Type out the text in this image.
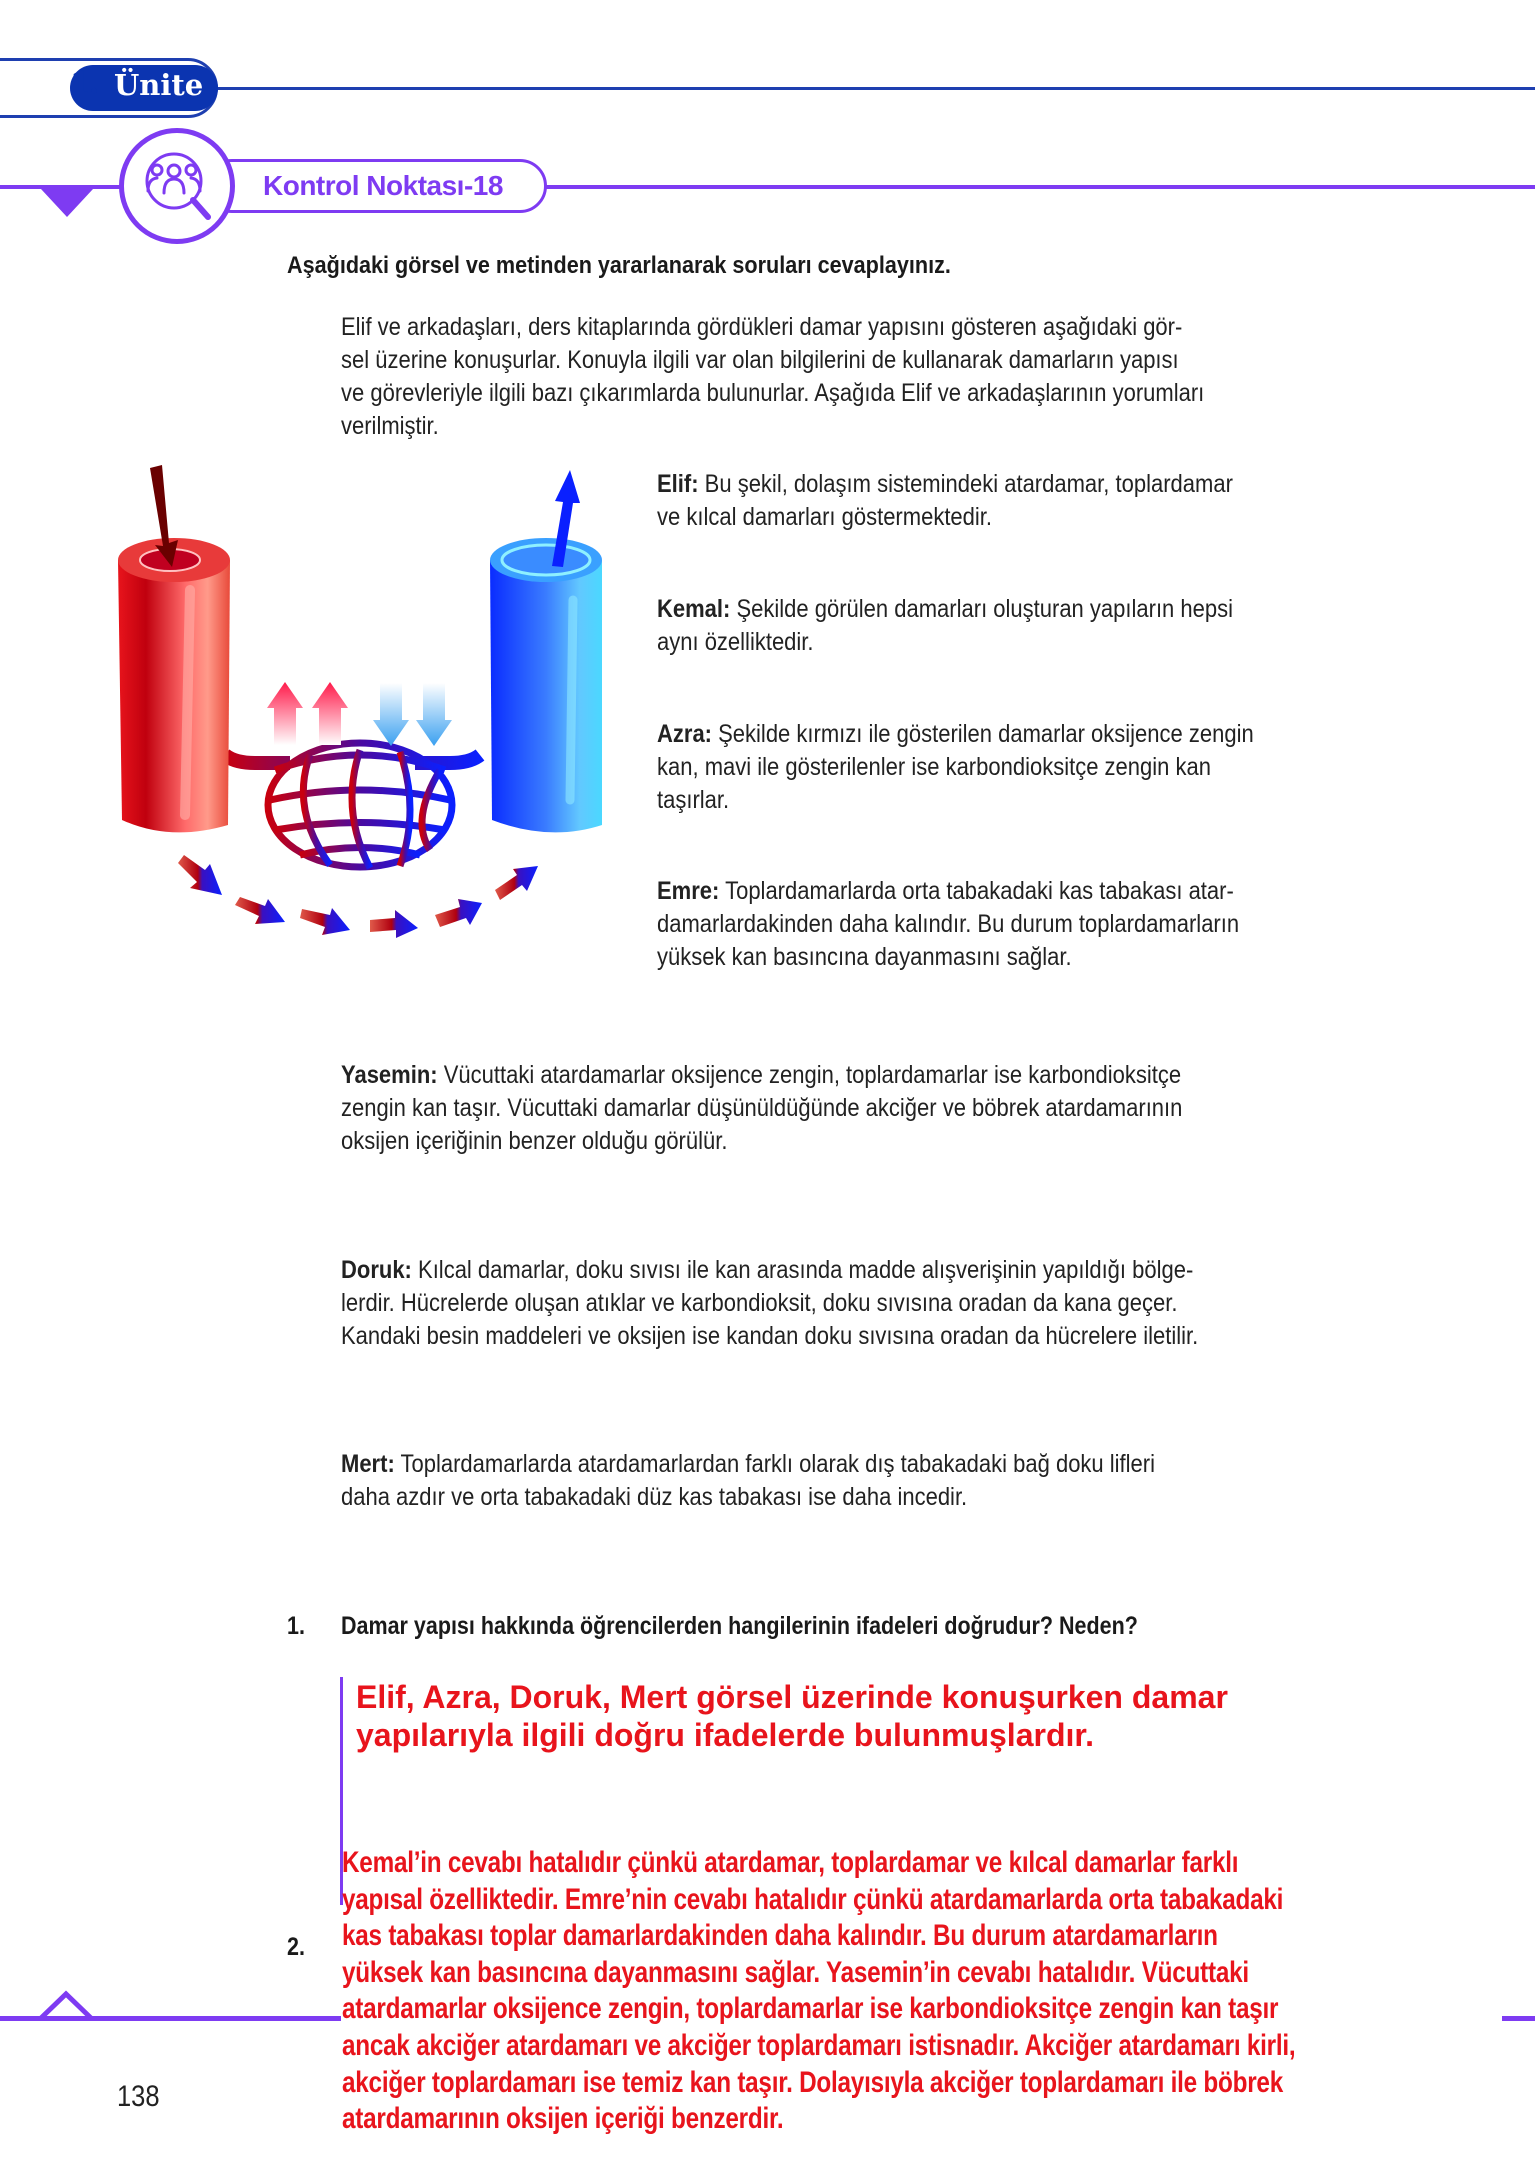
1. Ünite
Kontrol Noktası-18
Aşağıdaki görsel ve metinden yararlanarak soruları cevaplayınız.
Elif ve arkadaşları, ders kitaplarında gördükleri damar yapısını gösteren aşağıdaki gör-
sel üzerine konuşurlar. Konuyla ilgili var olan bilgilerini de kullanarak damarların yapısı
ve görevleriyle ilgili bazı çıkarımlarda bulunurlar. Aşağıda Elif ve arkadaşlarının yorumları
verilmiştir.
Elif: Bu şekil, dolaşım sistemindeki atardamar, toplardamar
ve kılcal damarları göstermektedir.
Kemal: Şekilde görülen damarları oluşturan yapıların hepsi
aynı özelliktedir.
Azra: Şekilde kırmızı ile gösterilen damarlar oksijence zengin
kan, mavi ile gösterilenler ise karbondioksitçe zengin kan
taşırlar.
Emre: Toplardamarlarda orta tabakadaki kas tabakası atar-
damarlardakinden daha kalındır. Bu durum toplardamarların
yüksek kan basıncına dayanmasını sağlar.
Yasemin: Vücuttaki atardamarlar oksijence zengin, toplardamarlar ise karbondioksitçe
zengin kan taşır. Vücuttaki damarlar düşünüldüğünde akciğer ve böbrek atardamarının
oksijen içeriğinin benzer olduğu görülür.
Doruk: Kılcal damarlar, doku sıvısı ile kan arasında madde alışverişinin yapıldığı bölge-
lerdir. Hücrelerde oluşan atıklar ve karbondioksit, doku sıvısına oradan da kana geçer.
Kandaki besin maddeleri ve oksijen ise kandan doku sıvısına oradan da hücrelere iletilir.
Mert: Toplardamarlarda atardamarlardan farklı olarak dış tabakadaki bağ doku lifleri
daha azdır ve orta tabakadaki düz kas tabakası ise daha incedir.
1. Damar yapısı hakkında öğrencilerden hangilerinin ifadeleri doğrudur? Neden?
Elif, Azra, Doruk, Mert görsel üzerinde konuşurken damar
yapılarıyla ilgili doğru ifadelerde bulunmuşlardır.
2.
Kemal’in cevabı hatalıdır çünkü atardamar, toplardamar ve kılcal damarlar farklı
yapısal özelliktedir. Emre’nin cevabı hatalıdır çünkü atardamarlarda orta tabakadaki
kas tabakası toplar damarlardakinden daha kalındır. Bu durum atardamarların
yüksek kan basıncına dayanmasını sağlar. Yasemin’in cevabı hatalıdır. Vücuttaki
atardamarlar oksijence zengin, toplardamarlar ise karbondioksitçe zengin kan taşır
ancak akciğer atardamarı ve akciğer toplardamarı istisnadır. Akciğer atardamarı kirli,
akciğer toplardamarı ise temiz kan taşır. Dolayısıyla akciğer toplardamarı ile böbrek
atardamarının oksijen içeriği benzerdir.
138
